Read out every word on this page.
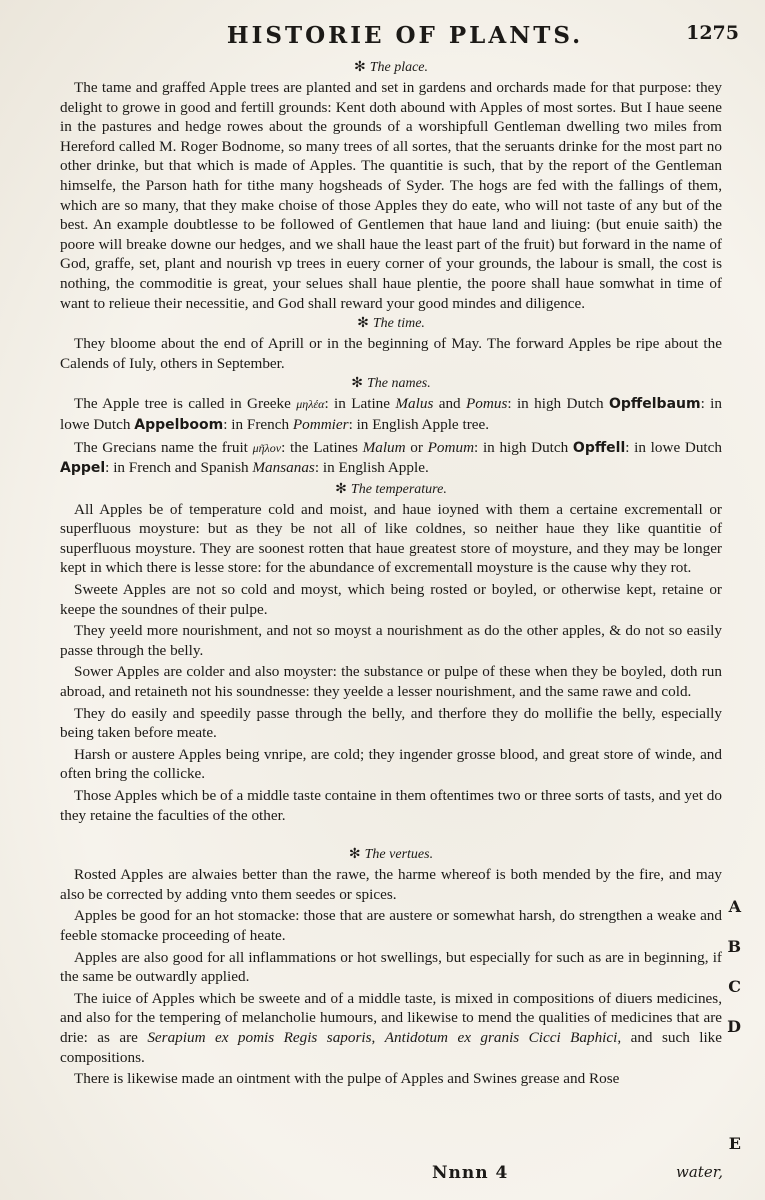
HISTORIE OF PLANTS.	1275
✻ The place.

The tame and graffed Apple trees are planted and set in gardens and orchards made for that purpose: they delight to growe in good and fertill grounds: Kent doth abound with Apples of most sortes. But I haue seene in the pastures and hedge rowes about the grounds of a worshipfull Gentleman dwelling two miles from Hereford called M. Roger Bodnome, so many trees of all sortes, that the seruants drinke for the most part no other drinke, but that which is made of Apples. The quantitie is such, that by the report of the Gentleman himselfe, the Parson hath for tithe many hogsheads of Syder. The hogs are fed with the fallings of them, which are so many, that they make choise of those Apples they do eate, who will not taste of any but of the best. An example doubtlesse to be followed of Gentlemen that haue land and liuing: (but enuie saith) the poore will breake downe our hedges, and we shall haue the least part of the fruit) but forward in the name of God, graffe, set, plant and nourish vp trees in euery corner of your grounds, the labour is small, the cost is nothing, the commoditie is great, your selues shall haue plentie, the poore shall haue somwhat in time of want to relieue their necessitie, and God shall reward your good mindes and diligence.

✻ The time.

They bloome about the end of Aprill or in the beginning of May. The forward Apples be ripe about the Calends of Iuly, others in September.

✻ The names.

The Apple tree is called in Greeke μηλέα: in Latine Malus and Pomus: in high Dutch Opffelbaum: in lowe Dutch Appelboom: in French Pommier: in English Apple tree.

The Grecians name the fruit μῆλον: the Latines Malum or Pomum: in high Dutch Opffell: in lowe Dutch Appel: in French and Spanish Mansanas: in English Apple.

✻ The temperature.

All Apples be of temperature cold and moist, and haue ioyned with them a certaine excrementall or superfluous moysture: but as they be not all of like coldnes, so neither haue they like quantitie of superfluous moysture. They are soonest rotten that haue greatest store of moysture, and they may be longer kept in which there is lesse store: for the abundance of excrementall moysture is the cause why they rot.

Sweete Apples are not so cold and moyst, which being rosted or boyled, or otherwise kept, retaine or keepe the soundnes of their pulpe.

They yeeld more nourishment, and not so moyst a nourishment as do the other apples, & do not so easily passe through the belly.

Sower Apples are colder and also moyster: the substance or pulpe of these when they be boyled, doth run abroad, and retaineth not his soundnesse: they yeelde a lesser nourishment, and the same rawe and cold.

They do easily and speedily passe through the belly, and therfore they do mollifie the belly, especially being taken before meate.

Harsh or austere Apples being vnripe, are cold; they ingender grosse blood, and great store of winde, and often bring the collicke.

Those Apples which be of a middle taste containe in them oftentimes two or three sorts of tasts, and yet do they retaine the faculties of the other.

✻ The vertues.

Rosted Apples are alwaies better than the rawe, the harme whereof is both mended by the fire, and may also be corrected by adding vnto them seedes or spices.

Apples be good for an hot stomacke: those that are austere or somewhat harsh, do strengthen a weake and feeble stomacke proceeding of heate.

Apples are also good for all inflammations or hot swellings, but especially for such as are in beginning, if the same be outwardly applied.

The iuice of Apples which be sweete and of a middle taste, is mixed in compositions of diuers medicines, and also for the tempering of melancholie humours, and likewise to mend the qualities of medicines that are drie: as are Serapium ex pomis Regis saporis, Antidotum ex granis Cicci Baphici, and such like compositions.

There is likewise made an ointment with the pulpe of Apples and Swines grease and Rose

A
B
C
D
E
Nnnn 4	water,
